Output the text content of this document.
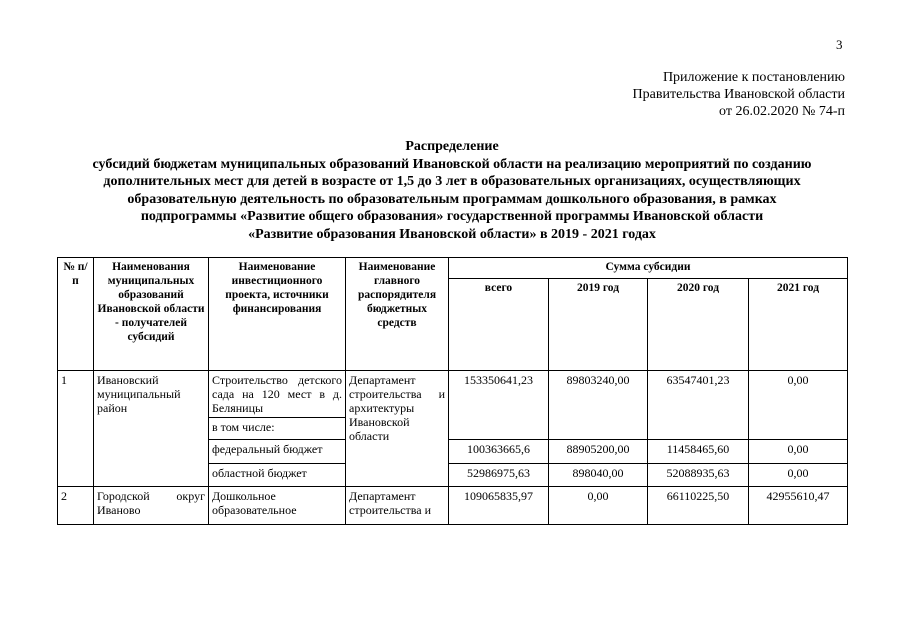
3
Приложение к постановлению
Правительства Ивановской области
от 26.02.2020 № 74-п
Распределение
субсидий бюджетам муниципальных образований Ивановской области на реализацию мероприятий по созданию
дополнительных мест для детей в возрасте от 1,5 до 3 лет в образовательных организациях, осуществляющих
образовательную деятельность по образовательным программам дошкольного образования, в рамках
подпрограммы «Развитие общего образования» государственной программы Ивановской области
«Развитие образования Ивановской области» в 2019 - 2021 годах
№ п/п	Наименования муниципальных образований Ивановской области - получателей субсидий	Наименование инвестиционного проекта, источники финансирования	Наименование главного распорядителя бюджетных средств	Сумма субсидии			
				всего	2019 год	2020 год	2021 год
1	Ивановский муниципальный район	Строительство детского сада на 120 мест в д. Беляницы	Департамент строительства и архитектуры Ивановской области	153350641,23	89803240,00	63547401,23	0,00
		в том числе:					
		федеральный бюджет		100363665,6	88905200,00	11458465,60	0,00
		областной бюджет		52986975,63	898040,00	52088935,63	0,00
2	Городской округ Иваново	Дошкольное образовательное	Департамент строительства и	109065835,97	0,00	66110225,50	42955610,47
